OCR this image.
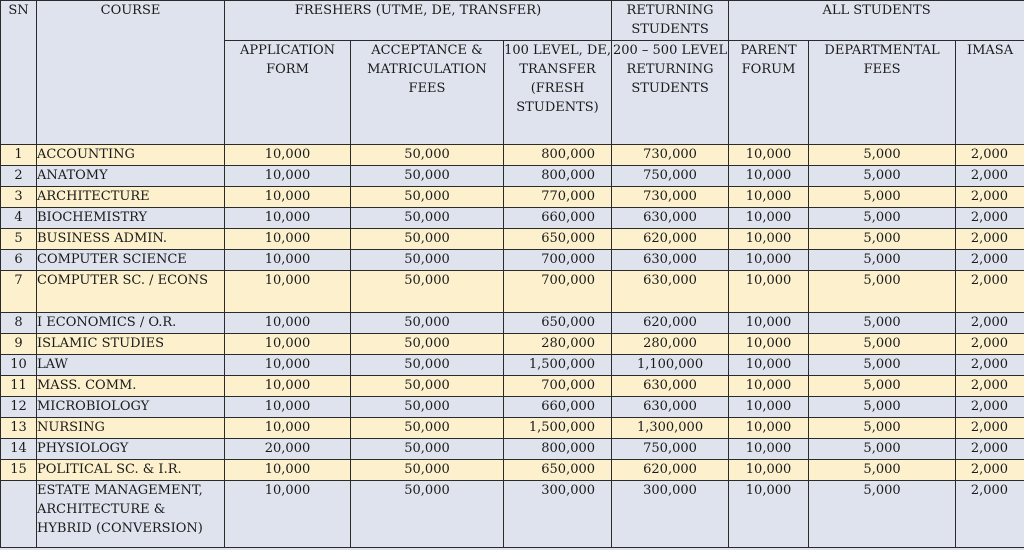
SN	COURSE	FRESHERS (UTME, DE, TRANSFER)			RETURNING STUDENTS	ALL STUDENTS		
		APPLICATION FORM	ACCEPTANCE & MATRICULATION FEES	100 LEVEL, DE, TRANSFER (FRESH STUDENTS)	200 – 500 LEVEL RETURNING STUDENTS	PARENT FORUM	DEPARTMENTAL FEES	IMASA
1	ACCOUNTING	10,000	50,000	800,000	730,000	10,000	5,000	2,000
2	ANATOMY	10,000	50,000	800,000	750,000	10,000	5,000	2,000
3	ARCHITECTURE	10,000	50,000	770,000	730,000	10,000	5,000	2,000
4	BIOCHEMISTRY	10,000	50,000	660,000	630,000	10,000	5,000	2,000
5	BUSINESS ADMIN.	10,000	50,000	650,000	620,000	10,000	5,000	2,000
6	COMPUTER SCIENCE	10,000	50,000	700,000	630,000	10,000	5,000	2,000
7	COMPUTER SC. / ECONS	10,000	50,000	700,000	630,000	10,000	5,000	2,000
8	I ECONOMICS / O.R.	10,000	50,000	650,000	620,000	10,000	5,000	2,000
9	ISLAMIC STUDIES	10,000	50,000	280,000	280,000	10,000	5,000	2,000
10	LAW	10,000	50,000	1,500,000	1,100,000	10,000	5,000	2,000
11	MASS. COMM.	10,000	50,000	700,000	630,000	10,000	5,000	2,000
12	MICROBIOLOGY	10,000	50,000	660,000	630,000	10,000	5,000	2,000
13	NURSING	10,000	50,000	1,500,000	1,300,000	10,000	5,000	2,000
14	PHYSIOLOGY	20,000	50,000	800,000	750,000	10,000	5,000	2,000
15	POLITICAL SC. & I.R.	10,000	50,000	650,000	620,000	10,000	5,000	2,000
	ESTATE MANAGEMENT,
ARCHITECTURE &
HYBRID (CONVERSION)	10,000	50,000	300,000	300,000	10,000	5,000	2,000
